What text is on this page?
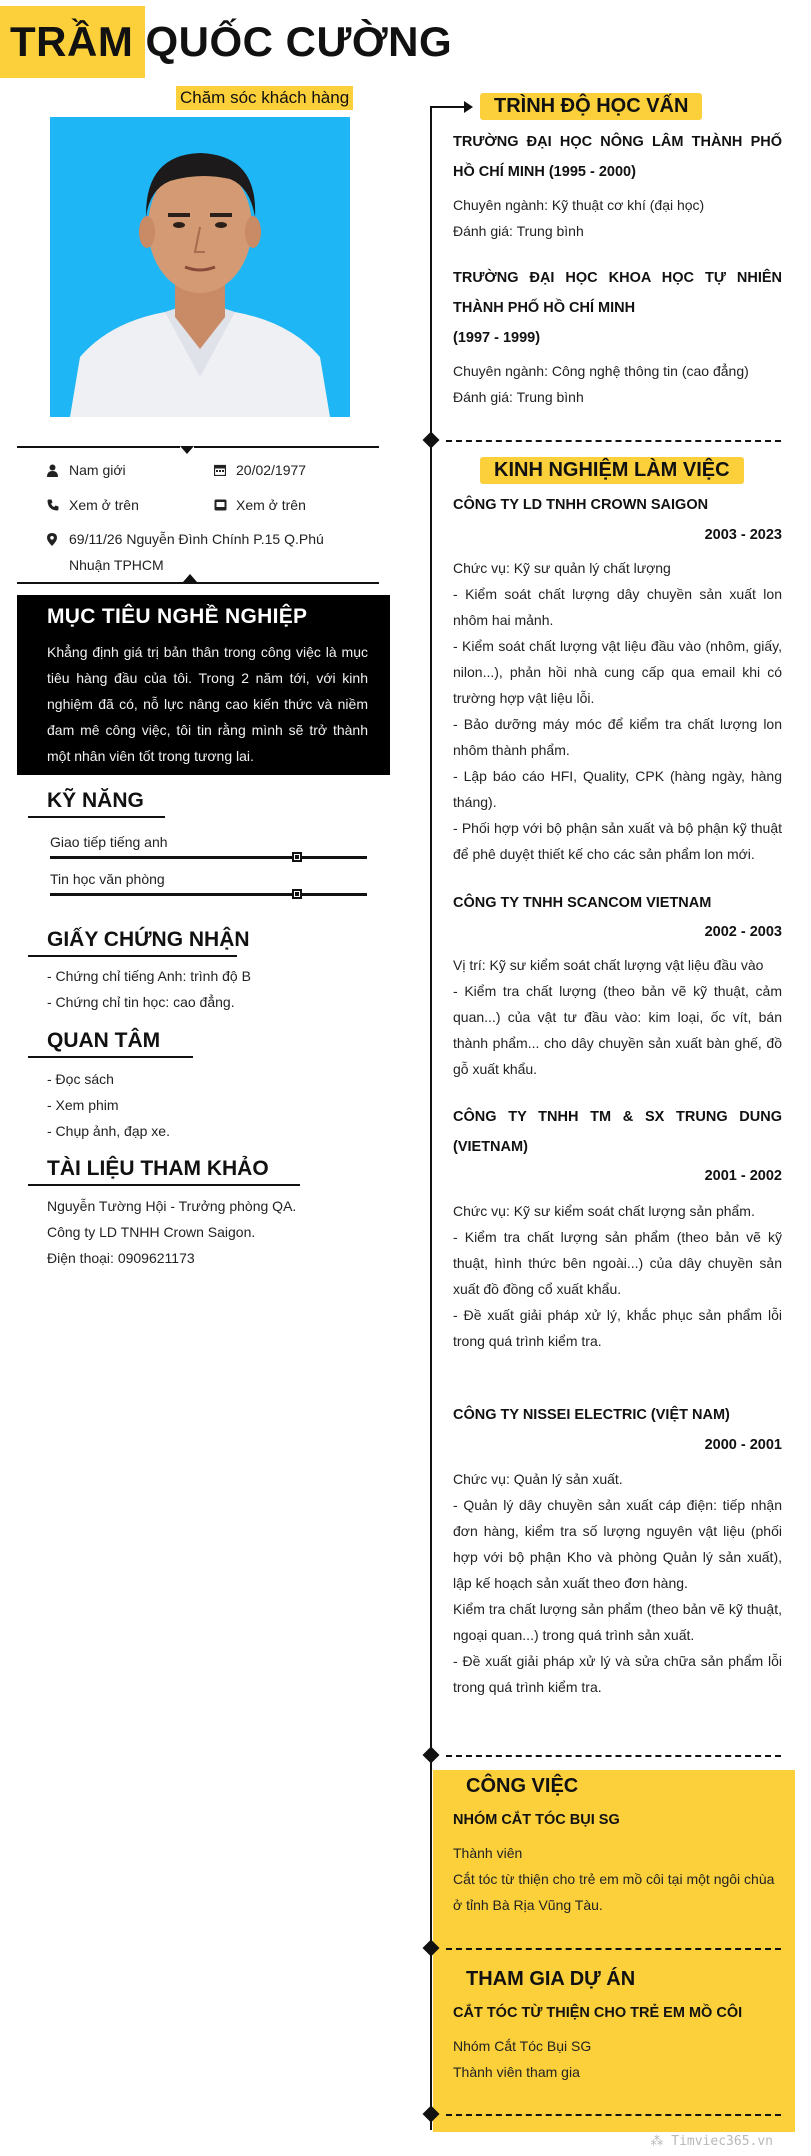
TRẦM QUỐC CƯỜNG
Chăm sóc khách hàng
Nam giới	20/02/1977
Xem ở trên	Xem ở trên
69/11/26 Nguyễn Đình Chính P.15 Q.Phú Nhuận TPHCM
MỤC TIÊU NGHỀ NGHIỆP

Khẳng định giá trị bản thân trong công việc là mục tiêu hàng đầu của tôi. Trong 2 năm tới, với kinh nghiệm đã có, nỗ lực nâng cao kiến thức và niềm đam mê công việc, tôi tin rằng mình sẽ trở thành một nhân viên tốt trong tương lai.

KỸ NĂNG
Giao tiếp tiếng anh
Tin học văn phòng
GIẤY CHỨNG NHẬN
- Chứng chỉ tiếng Anh: trình độ B
- Chứng chỉ tin học: cao đẳng.
QUAN TÂM
- Đọc sách
- Xem phim
- Chụp ảnh, đạp xe.
TÀI LIỆU THAM KHẢO
Nguyễn Tường Hội - Trưởng phòng QA.
Công ty LD TNHH Crown Saigon.
Điện thoại: 0909621173
TRÌNH ĐỘ HỌC VẤN
TRƯỜNG ĐẠI HỌC NÔNG LÂM THÀNH PHỐ HỒ CHÍ MINH (1995 - 2000)
Chuyên ngành: Kỹ thuật cơ khí (đại học)
Đánh giá: Trung bình
TRƯỜNG ĐẠI HỌC KHOA HỌC TỰ NHIÊN THÀNH PHỐ HỒ CHÍ MINH
(1997 - 1999)
Chuyên ngành: Công nghệ thông tin (cao đẳng)
Đánh giá: Trung bình
KINH NGHIỆM LÀM VIỆC
CÔNG TY LD TNHH CROWN SAIGON
2003 - 2023
Chức vụ: Kỹ sư quản lý chất lượng
- Kiểm soát chất lượng dây chuyền sản xuất lon nhôm hai mảnh.
- Kiểm soát chất lượng vật liệu đầu vào (nhôm, giấy, nilon...), phản hồi nhà cung cấp qua email khi có trường hợp vật liệu lỗi.
- Bảo dưỡng máy móc để kiểm tra chất lượng lon nhôm thành phẩm.
- Lập báo cáo HFI, Quality, CPK (hàng ngày, hàng tháng).
- Phối hợp với bộ phận sản xuất và bộ phận kỹ thuật để phê duyệt thiết kế cho các sản phẩm lon mới.
CÔNG TY TNHH SCANCOM VIETNAM
2002 - 2003
Vị trí: Kỹ sư kiểm soát chất lượng vật liệu đầu vào
- Kiểm tra chất lượng (theo bản vẽ kỹ thuật, cảm quan...) của vật tư đầu vào: kim loại, ốc vít, bán thành phẩm... cho dây chuyền sản xuất bàn ghế, đồ gỗ xuất khẩu.
CÔNG TY TNHH TM & SX TRUNG DUNG (VIETNAM)
2001 - 2002
Chức vụ: Kỹ sư kiểm soát chất lượng sản phẩm.
- Kiểm tra chất lượng sản phẩm (theo bản vẽ kỹ thuật, hình thức bên ngoài...) của dây chuyền sản xuất đồ đồng cổ xuất khẩu.
- Đề xuất giải pháp xử lý, khắc phục sản phẩm lỗi trong quá trình kiểm tra.
CÔNG TY NISSEI ELECTRIC (VIỆT NAM)
2000 - 2001
Chức vụ: Quản lý sản xuất.
- Quản lý dây chuyền sản xuất cáp điện: tiếp nhận đơn hàng, kiểm tra số lượng nguyên vật liệu (phối hợp với bộ phận Kho và phòng Quản lý sản xuất), lập kế hoạch sản xuất theo đơn hàng.
Kiểm tra chất lượng sản phẩm (theo bản vẽ kỹ thuật, ngoại quan...) trong quá trình sản xuất.
- Đề xuất giải pháp xử lý và sửa chữa sản phẩm lỗi trong quá trình kiểm tra.
CÔNG VIỆC
NHÓM CẮT TÓC BỤI SG
Thành viên
Cắt tóc từ thiện cho trẻ em mồ côi tại một ngôi chùa ở tỉnh Bà Rịa Vũng Tàu.
THAM GIA DỰ ÁN
CẮT TÓC TỪ THIỆN CHO TRẺ EM MỒ CÔI
Nhóm Cắt Tóc Bụi SG
Thành viên tham gia
⁂ Timviec365.vn
